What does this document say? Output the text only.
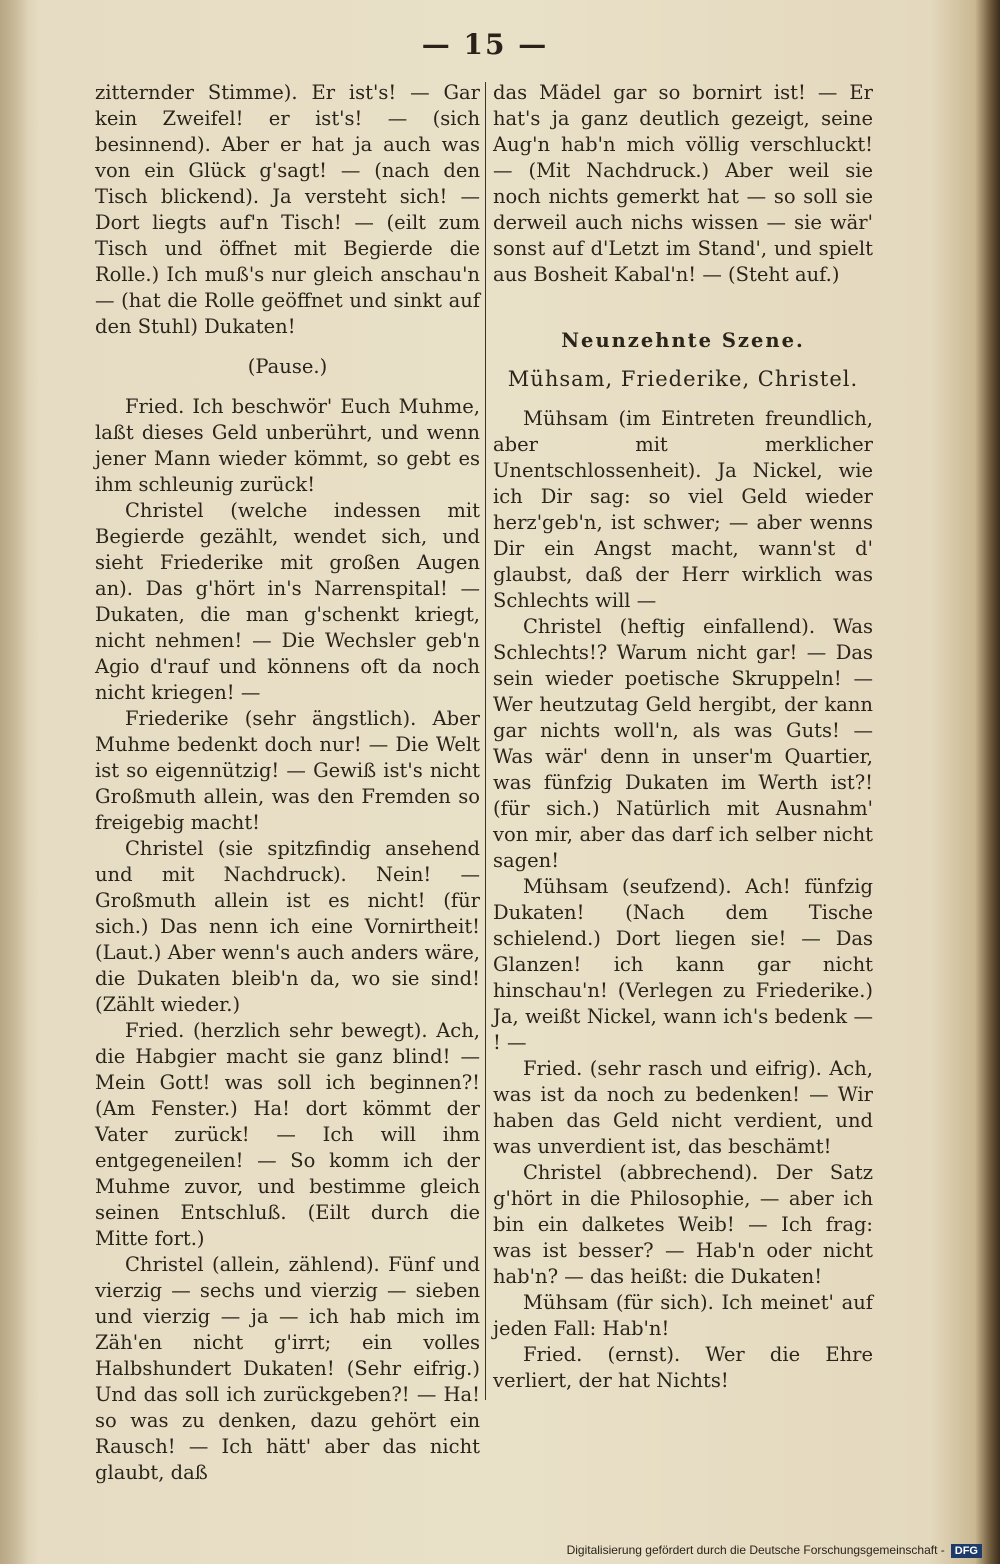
— 15 —

zitternder Stimme). Er ist's! — Gar kein Zweifel! er ist's! — (sich besinnend). Aber er hat ja auch was von ein Glück g'sagt! — (nach den Tisch blickend). Ja versteht sich! — Dort liegts auf'n Tisch! — (eilt zum Tisch und öffnet mit Begierde die Rolle.) Ich muß's nur gleich anschau'n — (hat die Rolle geöffnet und sinkt auf den Stuhl) Dukaten!

(Pause.)

Fried. Ich beschwör' Euch Muhme, laßt dieses Geld unberührt, und wenn jener Mann wieder kömmt, so gebt es ihm schleunig zurück!

Christel (welche indessen mit Begierde gezählt, wendet sich, und sieht Friederike mit großen Augen an). Das g'hört in's Narrenspital! — Dukaten, die man g'schenkt kriegt, nicht nehmen! — Die Wechsler geb'n Agio d'rauf und könnens oft da noch nicht kriegen! —

Friederike (sehr ängstlich). Aber Muhme bedenkt doch nur! — Die Welt ist so eigennützig! — Gewiß ist's nicht Großmuth allein, was den Fremden so freigebig macht!

Christel (sie spitzfindig ansehend und mit Nachdruck). Nein! — Großmuth allein ist es nicht! (für sich.) Das nenn ich eine Vornirtheit! (Laut.) Aber wenn's auch anders wäre, die Dukaten bleib'n da, wo sie sind! (Zählt wieder.)

Fried. (herzlich sehr bewegt). Ach, die Habgier macht sie ganz blind! — Mein Gott! was soll ich beginnen?! (Am Fenster.) Ha! dort kömmt der Vater zurück! — Ich will ihm entgegeneilen! — So komm ich der Muhme zuvor, und bestimme gleich seinen Entschluß. (Eilt durch die Mitte fort.)

Christel (allein, zählend). Fünf und vierzig — sechs und vierzig — sieben und vierzig — ja — ich hab mich im Zäh'en nicht g'irrt; ein volles Halbshundert Dukaten! (Sehr eifrig.) Und das soll ich zurückgeben?! — Ha! so was zu denken, dazu gehört ein Rausch! — Ich hätt' aber das nicht glaubt, daß

das Mädel gar so bornirt ist! — Er hat's ja ganz deutlich gezeigt, seine Aug'n hab'n mich völlig verschluckt! — (Mit Nachdruck.) Aber weil sie noch nichts gemerkt hat — so soll sie derweil auch nichs wissen — sie wär' sonst auf d'Letzt im Stand', und spielt aus Bosheit Kabal'n! — (Steht auf.)

Neunzehnte Szene.

Mühsam, Friederike, Christel.

Mühsam (im Eintreten freundlich, aber mit merklicher Unentschlossenheit). Ja Nickel, wie ich Dir sag: so viel Geld wieder herz'geb'n, ist schwer; — aber wenns Dir ein Angst macht, wann'st d' glaubst, daß der Herr wirklich was Schlechts will —

Christel (heftig einfallend). Was Schlechts!? Warum nicht gar! — Das sein wieder poetische Skruppeln! — Wer heutzutag Geld hergibt, der kann gar nichts woll'n, als was Guts! — Was wär' denn in unser'm Quartier, was fünfzig Dukaten im Werth ist?! (für sich.) Natürlich mit Ausnahm' von mir, aber das darf ich selber nicht sagen!

Mühsam (seufzend). Ach! fünfzig Dukaten! (Nach dem Tische schielend.) Dort liegen sie! — Das Glanzen! ich kann gar nicht hinschau'n! (Verlegen zu Friederike.) Ja, weißt Nickel, wann ich's bedenk — ! —

Fried. (sehr rasch und eifrig). Ach, was ist da noch zu bedenken! — Wir haben das Geld nicht verdient, und was unverdient ist, das beschämt!

Christel (abbrechend). Der Satz g'hört in die Philosophie, — aber ich bin ein dalketes Weib! — Ich frag: was ist besser? — Hab'n oder nicht hab'n? — das heißt: die Dukaten!

Mühsam (für sich). Ich meinet' auf jeden Fall: Hab'n!

Fried. (ernst). Wer die Ehre verliert, der hat Nichts!

Digitalisierung gefördert durch die Deutsche Forschungsgemeinschaft - DFG
